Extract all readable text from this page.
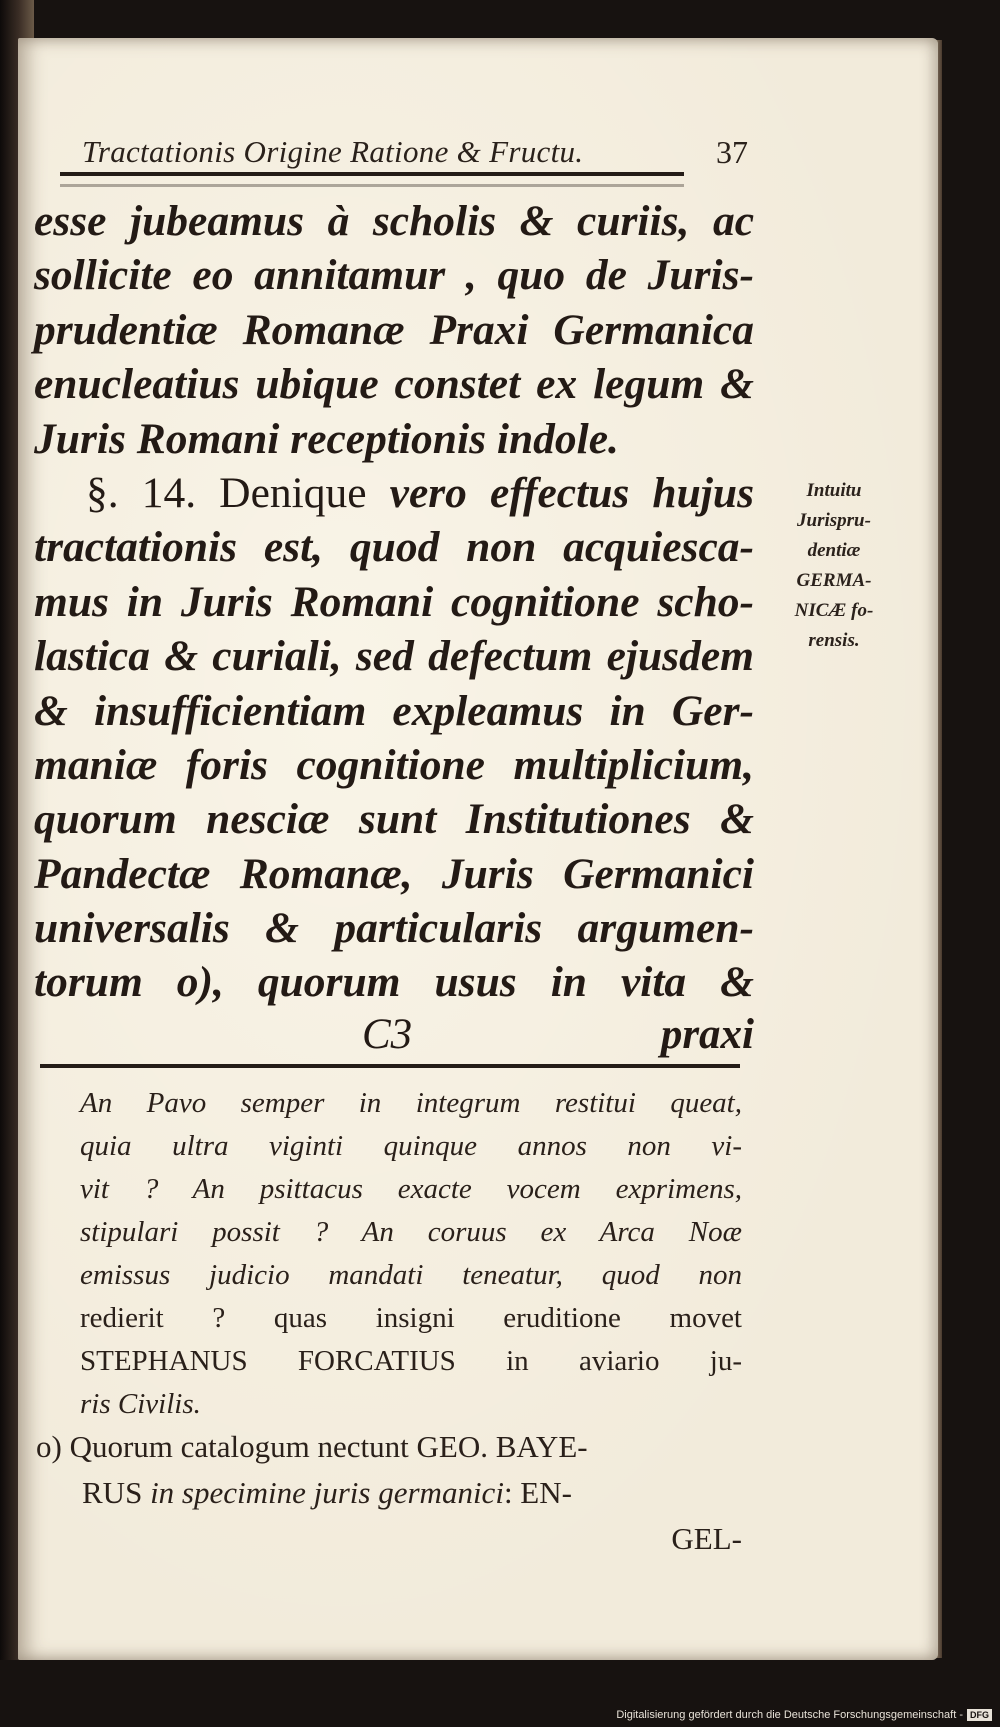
Tractationis Origine Ratione & Fructu.	37
esse jubeamus à scholis & curiis, ac
sollicite eo annitamur , quo de Juris-
prudentiæ Romanæ Praxi Germanica
enucleatius ubique constet ex legum &
Juris Romani receptionis indole.
§. 14. Denique vero effectus hujus
tractationis est, quod non acquiesca-
mus in Juris Romani cognitione scho-
lastica & curiali, sed defectum ejusdem
& insufficientiam expleamus in Ger-
maniæ foris cognitione multiplicium,
quorum nesciæ sunt Institutiones &
Pandectæ Romanæ, Juris Germanici
universalis & particularis argumen-
torum o), quorum usus in vita &
Intuitu
Jurispru-
dentiæ
GERMA-
NICÆ fo-
rensis.
C3	praxi
An Pavo semper in integrum restitui queat,
quia ultra viginti quinque annos non vi-
vit ? An psittacus exacte vocem exprimens,
stipulari possit ? An coruus ex Arca Noæ
emissus judicio mandati teneatur, quod non
redierit ? quas insigni eruditione movet
STEPHANUS FORCATIUS in aviario ju-
ris Civilis.
o) Quorum catalogum nectunt GEO. BAYE-
RUS in specimine juris germanici: EN-
GEL-
Digitalisierung gefördert durch die Deutsche Forschungsgemeinschaft - DFG
